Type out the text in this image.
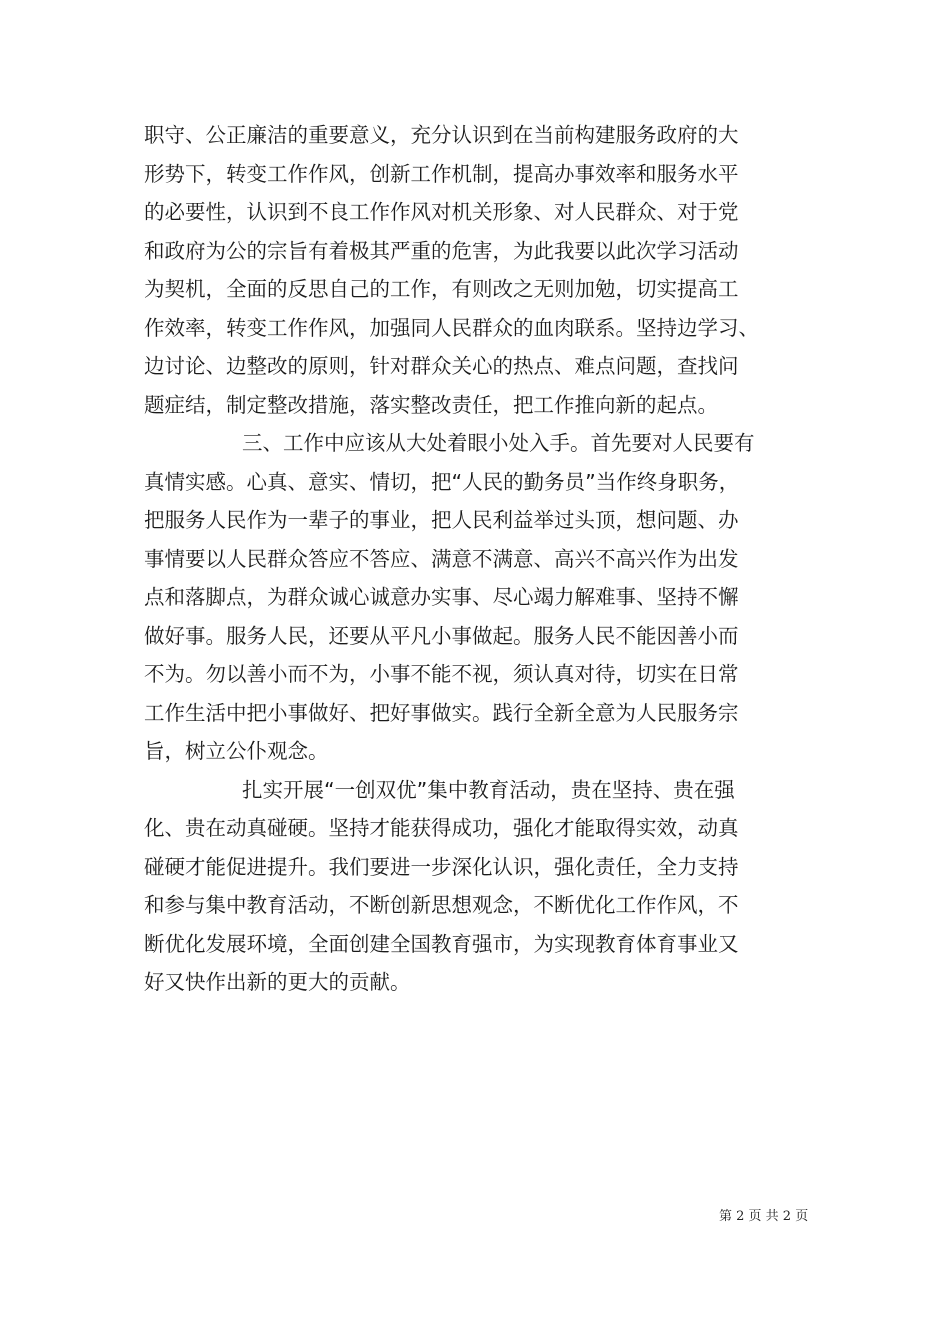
职守、公正廉洁的重要意义，充分认识到在当前构建服务政府的大
形势下，转变工作作风，创新工作机制，提高办事效率和服务水平
的必要性，认识到不良工作作风对机关形象、对人民群众、对于党
和政府为公的宗旨有着极其严重的危害，为此我要以此次学习活动
为契机，全面的反思自己的工作，有则改之无则加勉，切实提高工
作效率，转变工作作风，加强同人民群众的血肉联系。坚持边学习、
边讨论、边整改的原则，针对群众关心的热点、难点问题，查找问
题症结，制定整改措施，落实整改责任，把工作推向新的起点。
三、工作中应该从大处着眼小处入手。首先要对人民要有
真情实感。心真、意实、情切，把“人民的勤务员”当作终身职务，
把服务人民作为一辈子的事业，把人民利益举过头顶，想问题、办
事情要以人民群众答应不答应、满意不满意、高兴不高兴作为出发
点和落脚点，为群众诚心诚意办实事、尽心竭力解难事、坚持不懈
做好事。服务人民，还要从平凡小事做起。服务人民不能因善小而
不为。勿以善小而不为，小事不能不视，须认真对待，切实在日常
工作生活中把小事做好、把好事做实。践行全新全意为人民服务宗
旨，树立公仆观念。
扎实开展“一创双优”集中教育活动，贵在坚持、贵在强
化、贵在动真碰硬。坚持才能获得成功，强化才能取得实效，动真
碰硬才能促进提升。我们要进一步深化认识，强化责任，全力支持
和参与集中教育活动，不断创新思想观念，不断优化工作作风，不
断优化发展环境，全面创建全国教育强市，为实现教育体育事业又
好又快作出新的更大的贡献。
第 2 页 共 2 页
